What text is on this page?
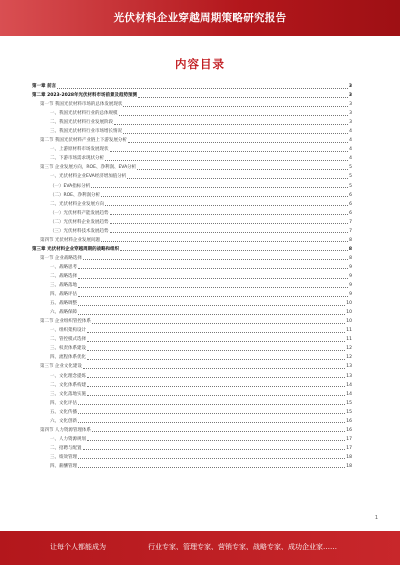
光伏材料企业穿越周期策略研究报告
内容目录
第一章 前言	3
第二章 2023-2028年光伏材料市场前景及趋势预测	3
第一节 我国光伏材料市场的总体发展现状	3
一、我国光伏材料行业的总体规模	3
二、我国光伏材料行业发展阶段	3
三、我国光伏材料行业市场增长情况	4
第二节 我国光伏材料产业链上下游发展分析	4
一、上游原材料市场发展现状	4
二、下游市场需求现状分析	4
第三节 企业发展方向，ROE、净利润、EVA分析	5
一、光伏材料企业EVA经济增加值分析	5
（一）EVA指标分析	5
（二）ROE、净利润分析	6
二、光伏材料企业发展方向	6
（一）光伏材料产能发展趋势	6
（二）光伏材料企业发展趋势	7
（三）光伏材料技术发展趋势	7
第四节 光伏材料企业发展问题	8
第三章 光伏材料企业穿越周期的战略和组织	8
第一节 企业战略选择	8
一、战略思考	9
二、战略选择	9
三、战略落地	9
四、战略评估	9
五、战略调整	10
六、战略保障	10
第二节 企业组织管控体系	10
一、组织架构设计	11
二、管控模式选择	11
三、权责体系建设	12
四、流程体系优化	12
第三节 企业文化建设	13
一、文化理念提炼	13
二、文化体系构建	14
三、文化落地实施	14
四、文化评估	15
五、文化传播	15
六、文化创新	16
第四节 人力资源管理体系	16
一、人力资源规划	17
二、招聘与配置	17
三、绩效管理	18
四、薪酬管理	18
1
让每个人都能成为	行业专家、管理专家、营销专家、战略专家、成功企业家……
